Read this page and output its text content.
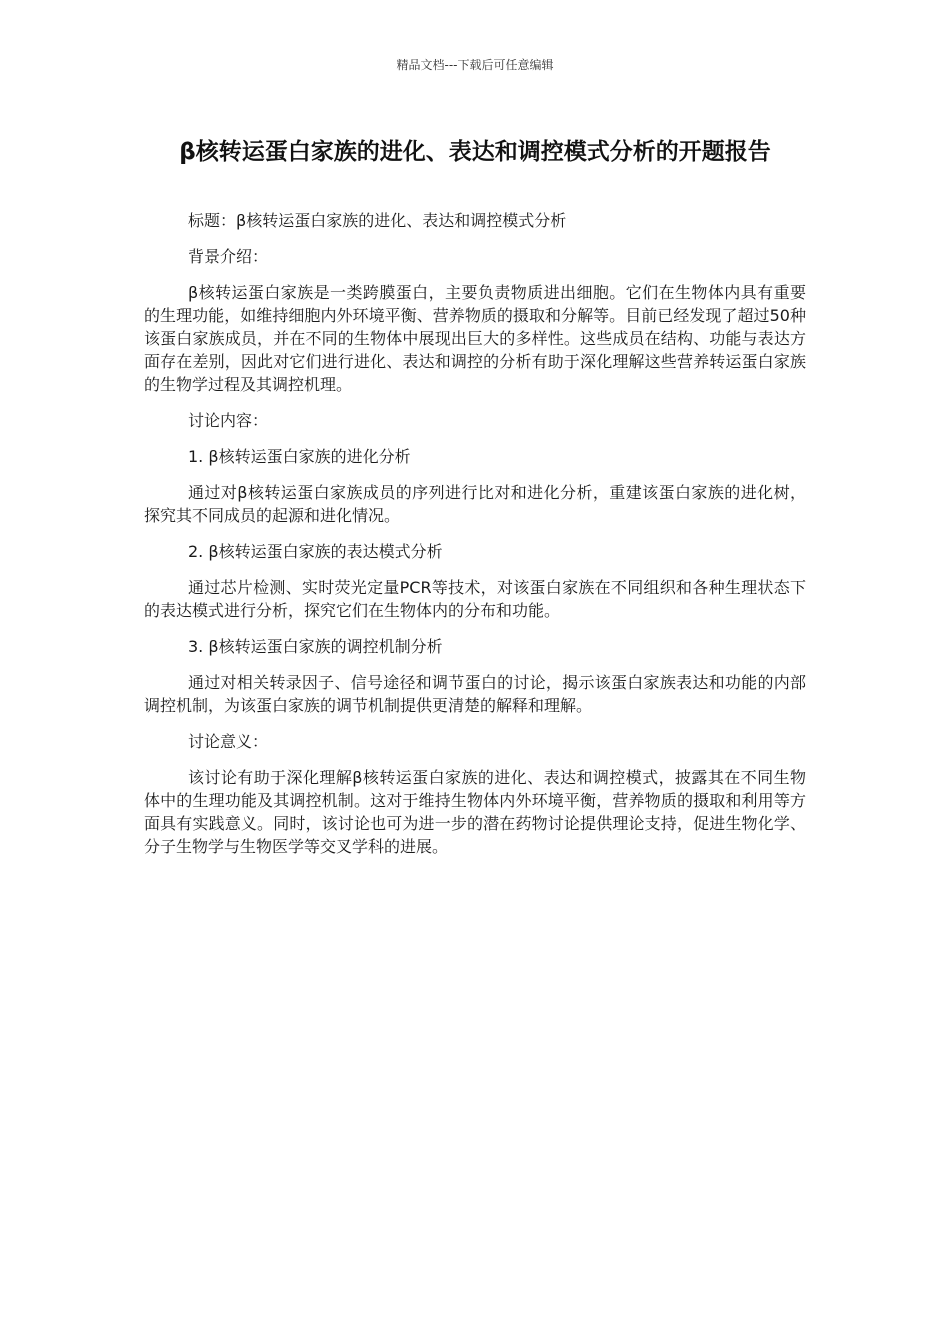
精品文档---下载后可任意编辑
β核转运蛋白家族的进化、表达和调控模式分析的开题报告

标题：β核转运蛋白家族的进化、表达和调控模式分析

背景介绍：

β核转运蛋白家族是一类跨膜蛋白，主要负责物质进出细胞。它们在生物体内具有重要的生理功能，如维持细胞内外环境平衡、营养物质的摄取和分解等。目前已经发现了超过50种该蛋白家族成员，并在不同的生物体中展现出巨大的多样性。这些成员在结构、功能与表达方面存在差别，因此对它们进行进化、表达和调控的分析有助于深化理解这些营养转运蛋白家族的生物学过程及其调控机理。

讨论内容：

1. β核转运蛋白家族的进化分析

通过对β核转运蛋白家族成员的序列进行比对和进化分析，重建该蛋白家族的进化树，探究其不同成员的起源和进化情况。

2. β核转运蛋白家族的表达模式分析

通过芯片检测、实时荧光定量PCR等技术，对该蛋白家族在不同组织和各种生理状态下的表达模式进行分析，探究它们在生物体内的分布和功能。

3. β核转运蛋白家族的调控机制分析

通过对相关转录因子、信号途径和调节蛋白的讨论，揭示该蛋白家族表达和功能的内部调控机制，为该蛋白家族的调节机制提供更清楚的解释和理解。

讨论意义：

该讨论有助于深化理解β核转运蛋白家族的进化、表达和调控模式，披露其在不同生物体中的生理功能及其调控机制。这对于维持生物体内外环境平衡，营养物质的摄取和利用等方面具有实践意义。同时，该讨论也可为进一步的潜在药物讨论提供理论支持，促进生物化学、分子生物学与生物医学等交叉学科的进展。
